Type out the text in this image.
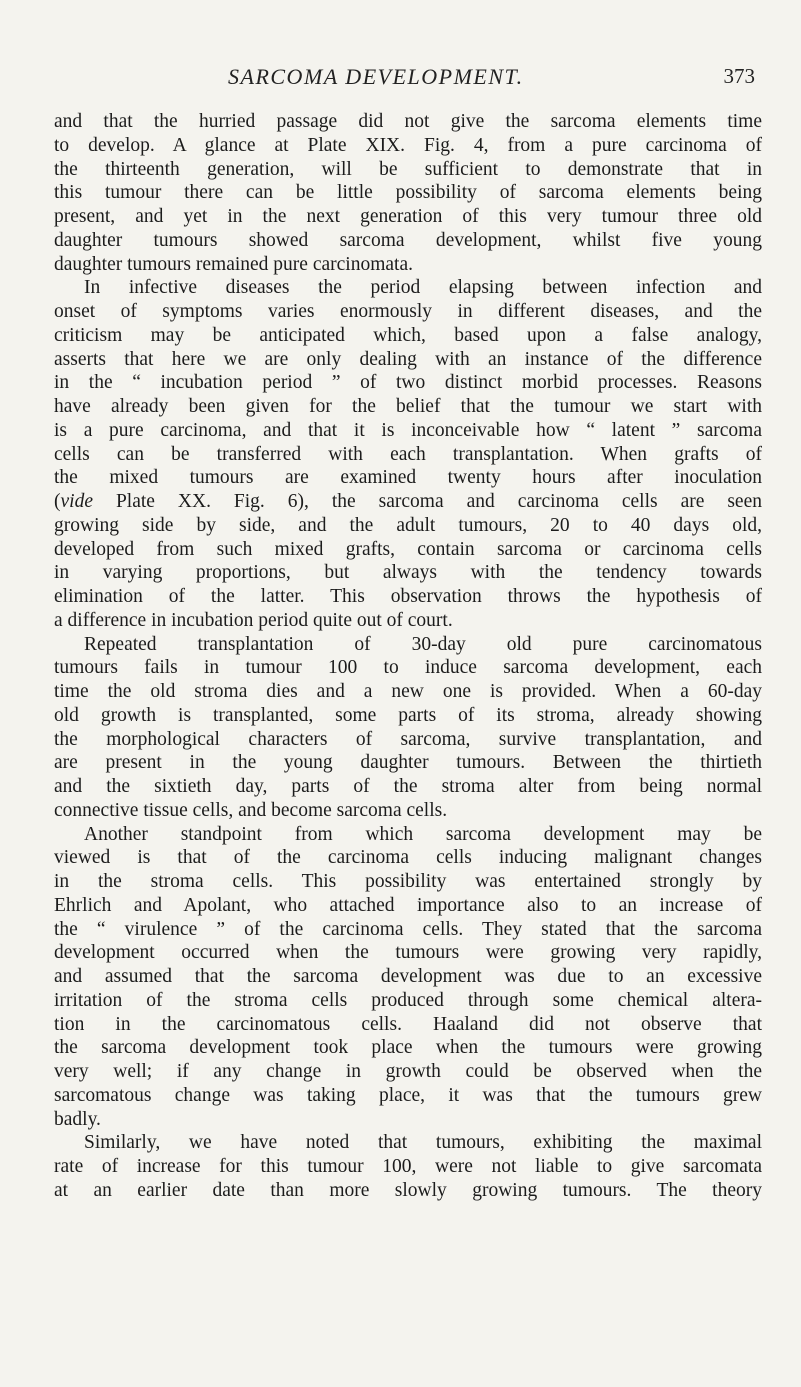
SARCOMA DEVELOPMENT.	373
and that the hurried passage did not give the sarcoma elements time
to develop. A glance at Plate XIX. Fig. 4, from a pure carcinoma of
the thirteenth generation, will be sufficient to demonstrate that in
this tumour there can be little possibility of sarcoma elements being
present, and yet in the next generation of this very tumour three old
daughter tumours showed sarcoma development, whilst five young
daughter tumours remained pure carcinomata.
In infective diseases the period elapsing between infection and
onset of symptoms varies enormously in different diseases, and the
criticism may be anticipated which, based upon a false analogy,
asserts that here we are only dealing with an instance of the difference
in the “ incubation period ” of two distinct morbid processes. Reasons
have already been given for the belief that the tumour we start with
is a pure carcinoma, and that it is inconceivable how “ latent ” sarcoma
cells can be transferred with each transplantation. When grafts of
the mixed tumours are examined twenty hours after inoculation
(vide Plate XX. Fig. 6), the sarcoma and carcinoma cells are seen
growing side by side, and the adult tumours, 20 to 40 days old,
developed from such mixed grafts, contain sarcoma or carcinoma cells
in varying proportions, but always with the tendency towards
elimination of the latter. This observation throws the hypothesis of
a difference in incubation period quite out of court.
Repeated transplantation of 30-day old pure carcinomatous
tumours fails in tumour 100 to induce sarcoma development, each
time the old stroma dies and a new one is provided. When a 60-day
old growth is transplanted, some parts of its stroma, already showing
the morphological characters of sarcoma, survive transplantation, and
are present in the young daughter tumours. Between the thirtieth
and the sixtieth day, parts of the stroma alter from being normal
connective tissue cells, and become sarcoma cells.
Another standpoint from which sarcoma development may be
viewed is that of the carcinoma cells inducing malignant changes
in the stroma cells. This possibility was entertained strongly by
Ehrlich and Apolant, who attached importance also to an increase of
the “ virulence ” of the carcinoma cells. They stated that the sarcoma
development occurred when the tumours were growing very rapidly,
and assumed that the sarcoma development was due to an excessive
irritation of the stroma cells produced through some chemical altera-
tion in the carcinomatous cells. Haaland did not observe that
the sarcoma development took place when the tumours were growing
very well; if any change in growth could be observed when the
sarcomatous change was taking place, it was that the tumours grew
badly.
Similarly, we have noted that tumours, exhibiting the maximal
rate of increase for this tumour 100, were not liable to give sarcomata
at an earlier date than more slowly growing tumours. The theory
